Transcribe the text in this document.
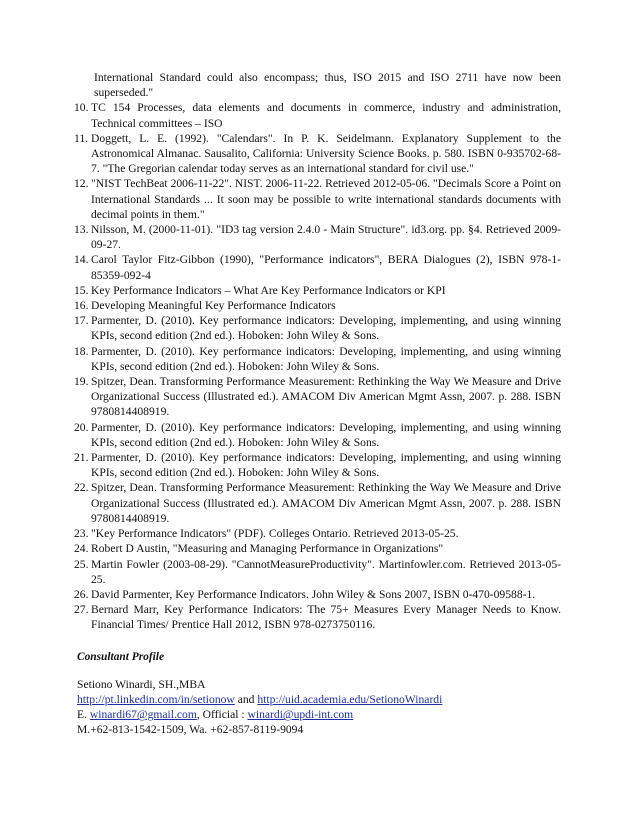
International Standard could also encompass; thus, ISO 2015 and ISO 2711 have now been superseded."
10. TC 154 Processes, data elements and documents in commerce, industry and administration, Technical committees – ISO
11. Doggett, L. E. (1992). "Calendars". In P. K. Seidelmann. Explanatory Supplement to the Astronomical Almanac. Sausalito, California: University Science Books. p. 580. ISBN 0-935702-68-7. "The Gregorian calendar today serves as an international standard for civil use."
12. "NIST TechBeat 2006-11-22". NIST. 2006-11-22. Retrieved 2012-05-06. "Decimals Score a Point on International Standards ... It soon may be possible to write international standards documents with decimal points in them."
13. Nilsson, M. (2000-11-01). "ID3 tag version 2.4.0 - Main Structure". id3.org. pp. §4. Retrieved 2009-09-27.
14. Carol Taylor Fitz-Gibbon (1990), "Performance indicators", BERA Dialogues (2), ISBN 978-1-85359-092-4
15. Key Performance Indicators – What Are Key Performance Indicators or KPI
16. Developing Meaningful Key Performance Indicators
17. Parmenter, D. (2010). Key performance indicators: Developing, implementing, and using winning KPIs, second edition (2nd ed.). Hoboken: John Wiley & Sons.
18. Parmenter, D. (2010). Key performance indicators: Developing, implementing, and using winning KPIs, second edition (2nd ed.). Hoboken: John Wiley & Sons.
19. Spitzer, Dean. Transforming Performance Measurement: Rethinking the Way We Measure and Drive Organizational Success (Illustrated ed.). AMACOM Div American Mgmt Assn, 2007. p. 288. ISBN 9780814408919.
20. Parmenter, D. (2010). Key performance indicators: Developing, implementing, and using winning KPIs, second edition (2nd ed.). Hoboken: John Wiley & Sons.
21. Parmenter, D. (2010). Key performance indicators: Developing, implementing, and using winning KPIs, second edition (2nd ed.). Hoboken: John Wiley & Sons.
22. Spitzer, Dean. Transforming Performance Measurement: Rethinking the Way We Measure and Drive Organizational Success (Illustrated ed.). AMACOM Div American Mgmt Assn, 2007. p. 288. ISBN 9780814408919.
23. "Key Performance Indicators" (PDF). Colleges Ontario. Retrieved 2013-05-25.
24. Robert D Austin, "Measuring and Managing Performance in Organizations"
25. Martin Fowler (2003-08-29). "CannotMeasureProductivity". Martinfowler.com. Retrieved 2013-05-25.
26. David Parmenter, Key Performance Indicators. John Wiley & Sons 2007, ISBN 0-470-09588-1.
27. Bernard Marr, Key Performance Indicators: The 75+ Measures Every Manager Needs to Know. Financial Times/ Prentice Hall 2012, ISBN 978-0273750116.
Consultant Profile

Setiono Winardi, SH.,MBA

http://pt.linkedin.com/in/setionow and http://uid.academia.edu/SetionoWinardi

E. winardi67@gmail.com, Official : winardi@updi-int.com

M.+62-813-1542-1509, Wa. +62-857-8119-9094
